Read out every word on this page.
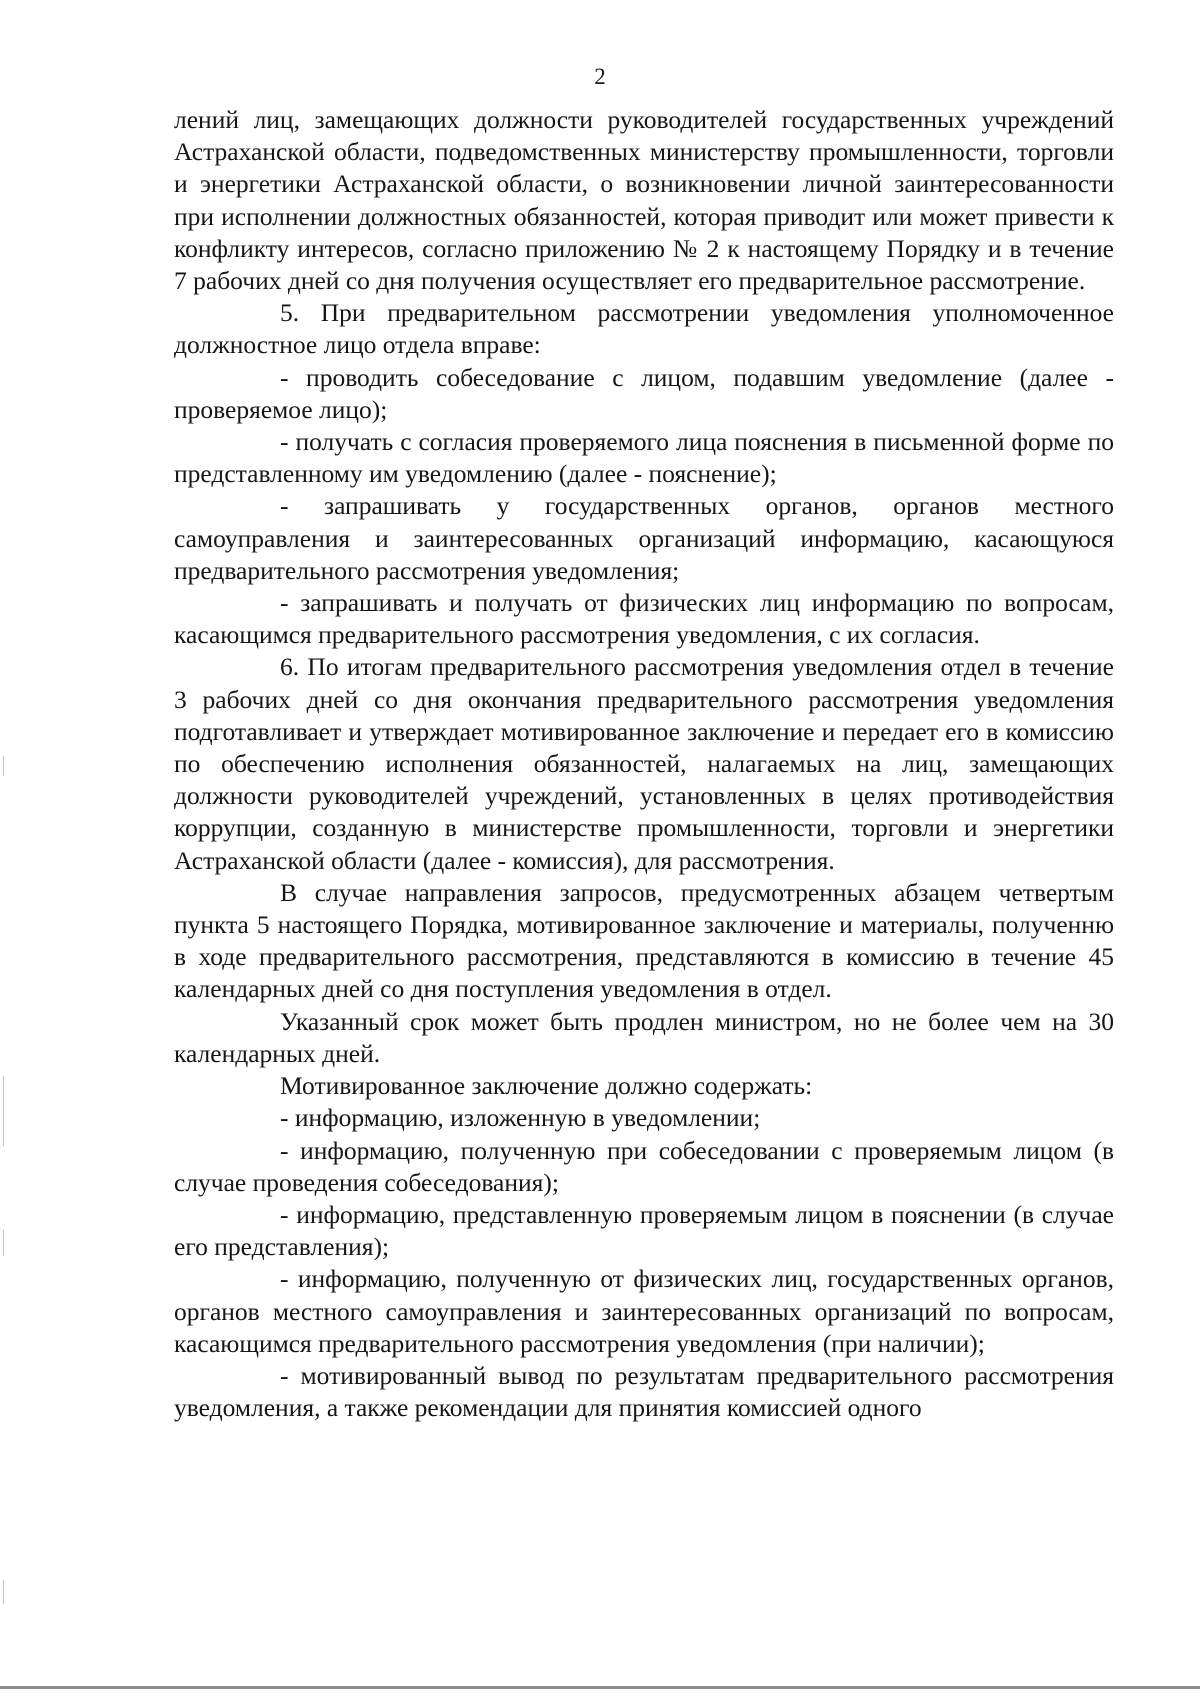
2

лений лиц, замещающих должности руководителей государственных учреждений Астраханской области, подведомственных министерству промышленности, торговли и энергетики Астраханской области, о возникновении личной заинтересованности при исполнении должностных обязанностей, которая приводит или может привести к конфликту интересов, согласно приложению № 2 к настоящему Порядку и в течение 7 рабочих дней со дня получения осуществляет его предварительное рассмотрение.

5. При предварительном рассмотрении уведомления уполномоченное должностное лицо отдела вправе:

- проводить собеседование с лицом, подавшим уведомление (далее - проверяемое лицо);

- получать с согласия проверяемого лица пояснения в письменной форме по представленному им уведомлению (далее - пояснение);

- запрашивать у государственных органов, органов местного самоуправления и заинтересованных организаций информацию, касающуюся предварительного рассмотрения уведомления;

- запрашивать и получать от физических лиц информацию по вопросам, касающимся предварительного рассмотрения уведомления, с их согласия.

6. По итогам предварительного рассмотрения уведомления отдел в течение 3 рабочих дней со дня окончания предварительного рассмотрения уведомления подготавливает и утверждает мотивированное заключение и передает его в комиссию по обеспечению исполнения обязанностей, налагаемых на лиц, замещающих должности руководителей учреждений, установленных в целях противодействия коррупции, созданную в министерстве промышленности, торговли и энергетики Астраханской области (далее - комиссия), для рассмотрения.

В случае направления запросов, предусмотренных абзацем четвертым пункта 5 настоящего Порядка, мотивированное заключение и материалы, полученню в ходе предварительного рассмотрения, представляются в комиссию в течение 45 календарных дней со дня поступления уведомления в отдел.

Указанный срок может быть продлен министром, но не более чем на 30 календарных дней.

Мотивированное заключение должно содержать:

- информацию, изложенную в уведомлении;

- информацию, полученную при собеседовании с проверяемым лицом (в случае проведения собеседования);

- информацию, представленную проверяемым лицом в пояснении (в случае его представления);

- информацию, полученную от физических лиц, государственных органов, органов местного самоуправления и заинтересованных организаций по вопросам, касающимся предварительного рассмотрения уведомления (при наличии);

- мотивированный вывод по результатам предварительного рассмотрения уведомления, а также рекомендации для принятия комиссией одного
